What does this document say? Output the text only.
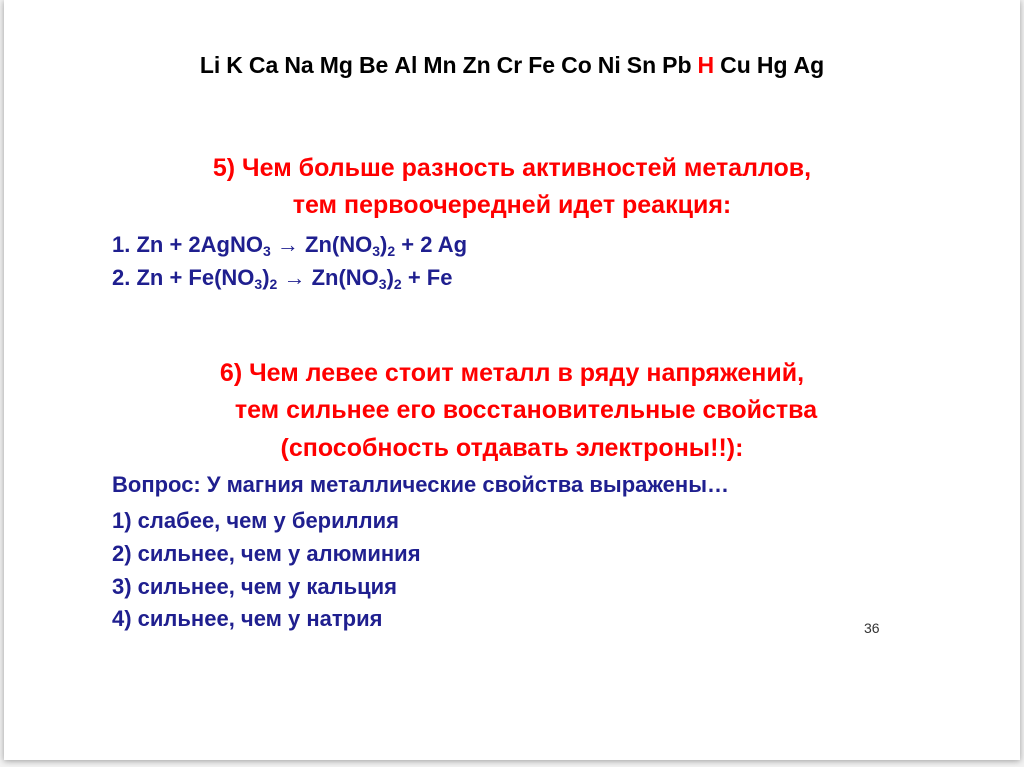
Li K Ca Na Mg Be Al Mn Zn Cr Fe Co Ni Sn Pb H Cu Hg Ag
5) Чем больше разность активностей металлов,
тем первоочередней идет реакция:
1. Zn + 2AgNO$_3$ → $Zn(NO_3)_2 + 2$ Ag
2. $Zn + Fe(NO_3)_2 \to Zn(NO_3)_2 + Fe$
6) Чем левее стоит металл в ряду напряжений,
тем сильнее его восстановительные свойства
(способность отдавать электроны!!):
Вопрос: У магния металлические свойства выражены…
1) слабее, чем у бериллия
2) сильнее, чем у алюминия
3) сильнее, чем у кальция
4) сильнее, чем у натрия	36
